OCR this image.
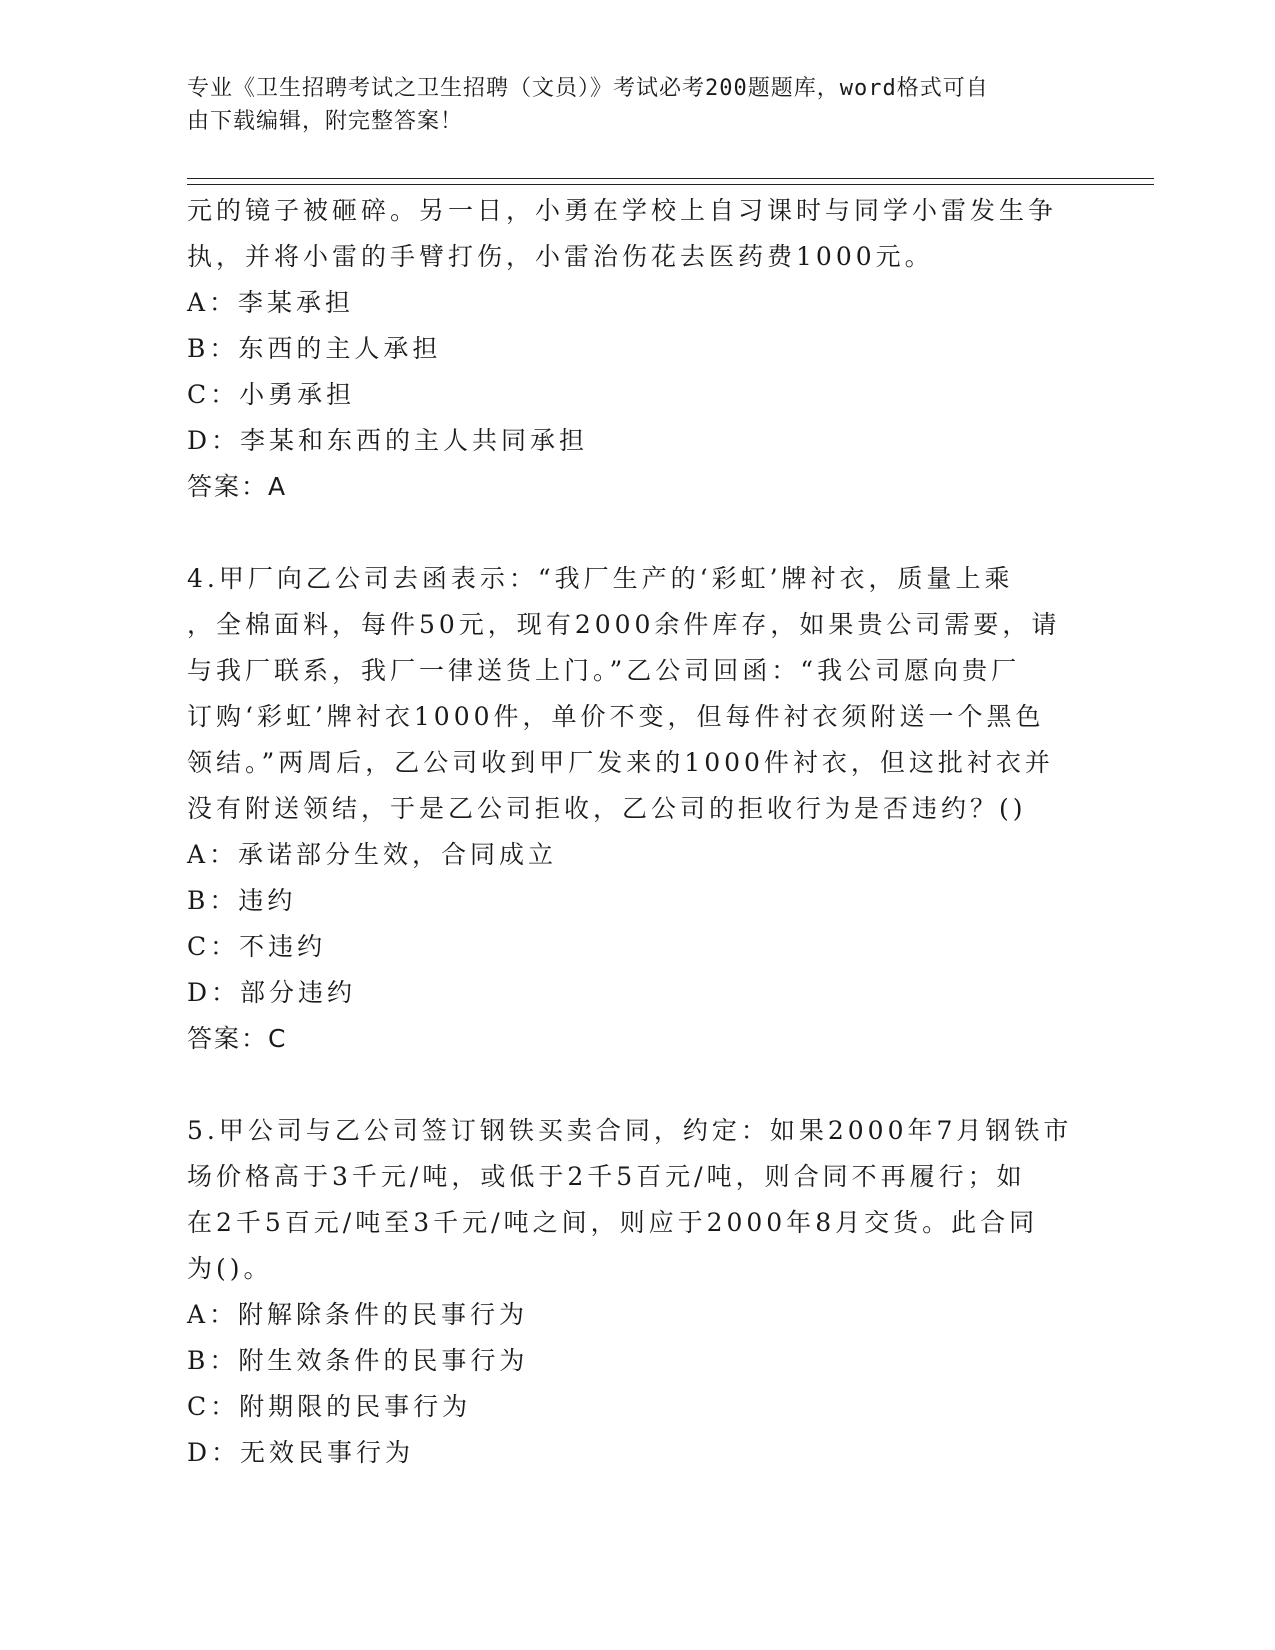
专业《卫生招聘考试之卫生招聘（文员）》考试必考200题题库，word格式可自
由下载编辑，附完整答案！

元的镜子被砸碎。另一日，小勇在学校上自习课时与同学小雷发生争

执，并将小雷的手臂打伤，小雷治伤花去医药费1000元。

A：李某承担
B：东西的主人承担
C：小勇承担
D：李某和东西的主人共同承担
答案：A

4.甲厂向乙公司去函表示：“我厂生产的‘彩虹’牌衬衣，质量上乘

，全棉面料，每件50元，现有2000余件库存，如果贵公司需要，请

与我厂联系，我厂一律送货上门。”乙公司回函：“我公司愿向贵厂

订购‘彩虹’牌衬衣1000件，单价不变，但每件衬衣须附送一个黑色

领结。”两周后，乙公司收到甲厂发来的1000件衬衣，但这批衬衣并

没有附送领结，于是乙公司拒收，乙公司的拒收行为是否违约？()

A：承诺部分生效，合同成立
B：违约
C：不违约
D：部分违约
答案：C

5.甲公司与乙公司签订钢铁买卖合同，约定：如果2000年7月钢铁市

场价格高于3千元/吨，或低于2千5百元/吨，则合同不再履行；如

在2千5百元/吨至3千元/吨之间，则应于2000年8月交货。此合同

为()。

A：附解除条件的民事行为
B：附生效条件的民事行为
C：附期限的民事行为
D：无效民事行为
